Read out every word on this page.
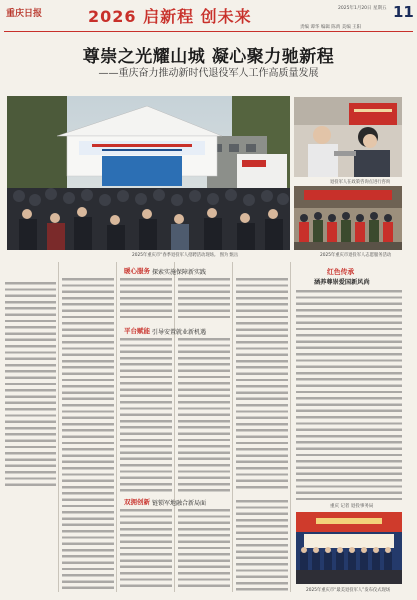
重庆日报	2026 启新程 创未来	11
2025年1月20日 星期五
责编 谭华 编辑 陈禹 美编 王阳
尊崇之光耀山城 凝心聚力驰新程
——重庆奋力推动新时代退役军人工作高质量发展
2025年重庆市“春季退役军人招聘活动现场。 图为 甄岳
退役军人在政策咨询点进行咨询
2025年重庆市退役军人志愿服务活动
暖心服务 探索实施保障新实践
平台赋能 引导安置就业新机遇
双拥创新 链锁军地融合新局面
红色传承
涵养尊崇爱国新风尚
重庆 记者 退役事务局
2025年重庆市“最美退役军人”发布仪式现场
